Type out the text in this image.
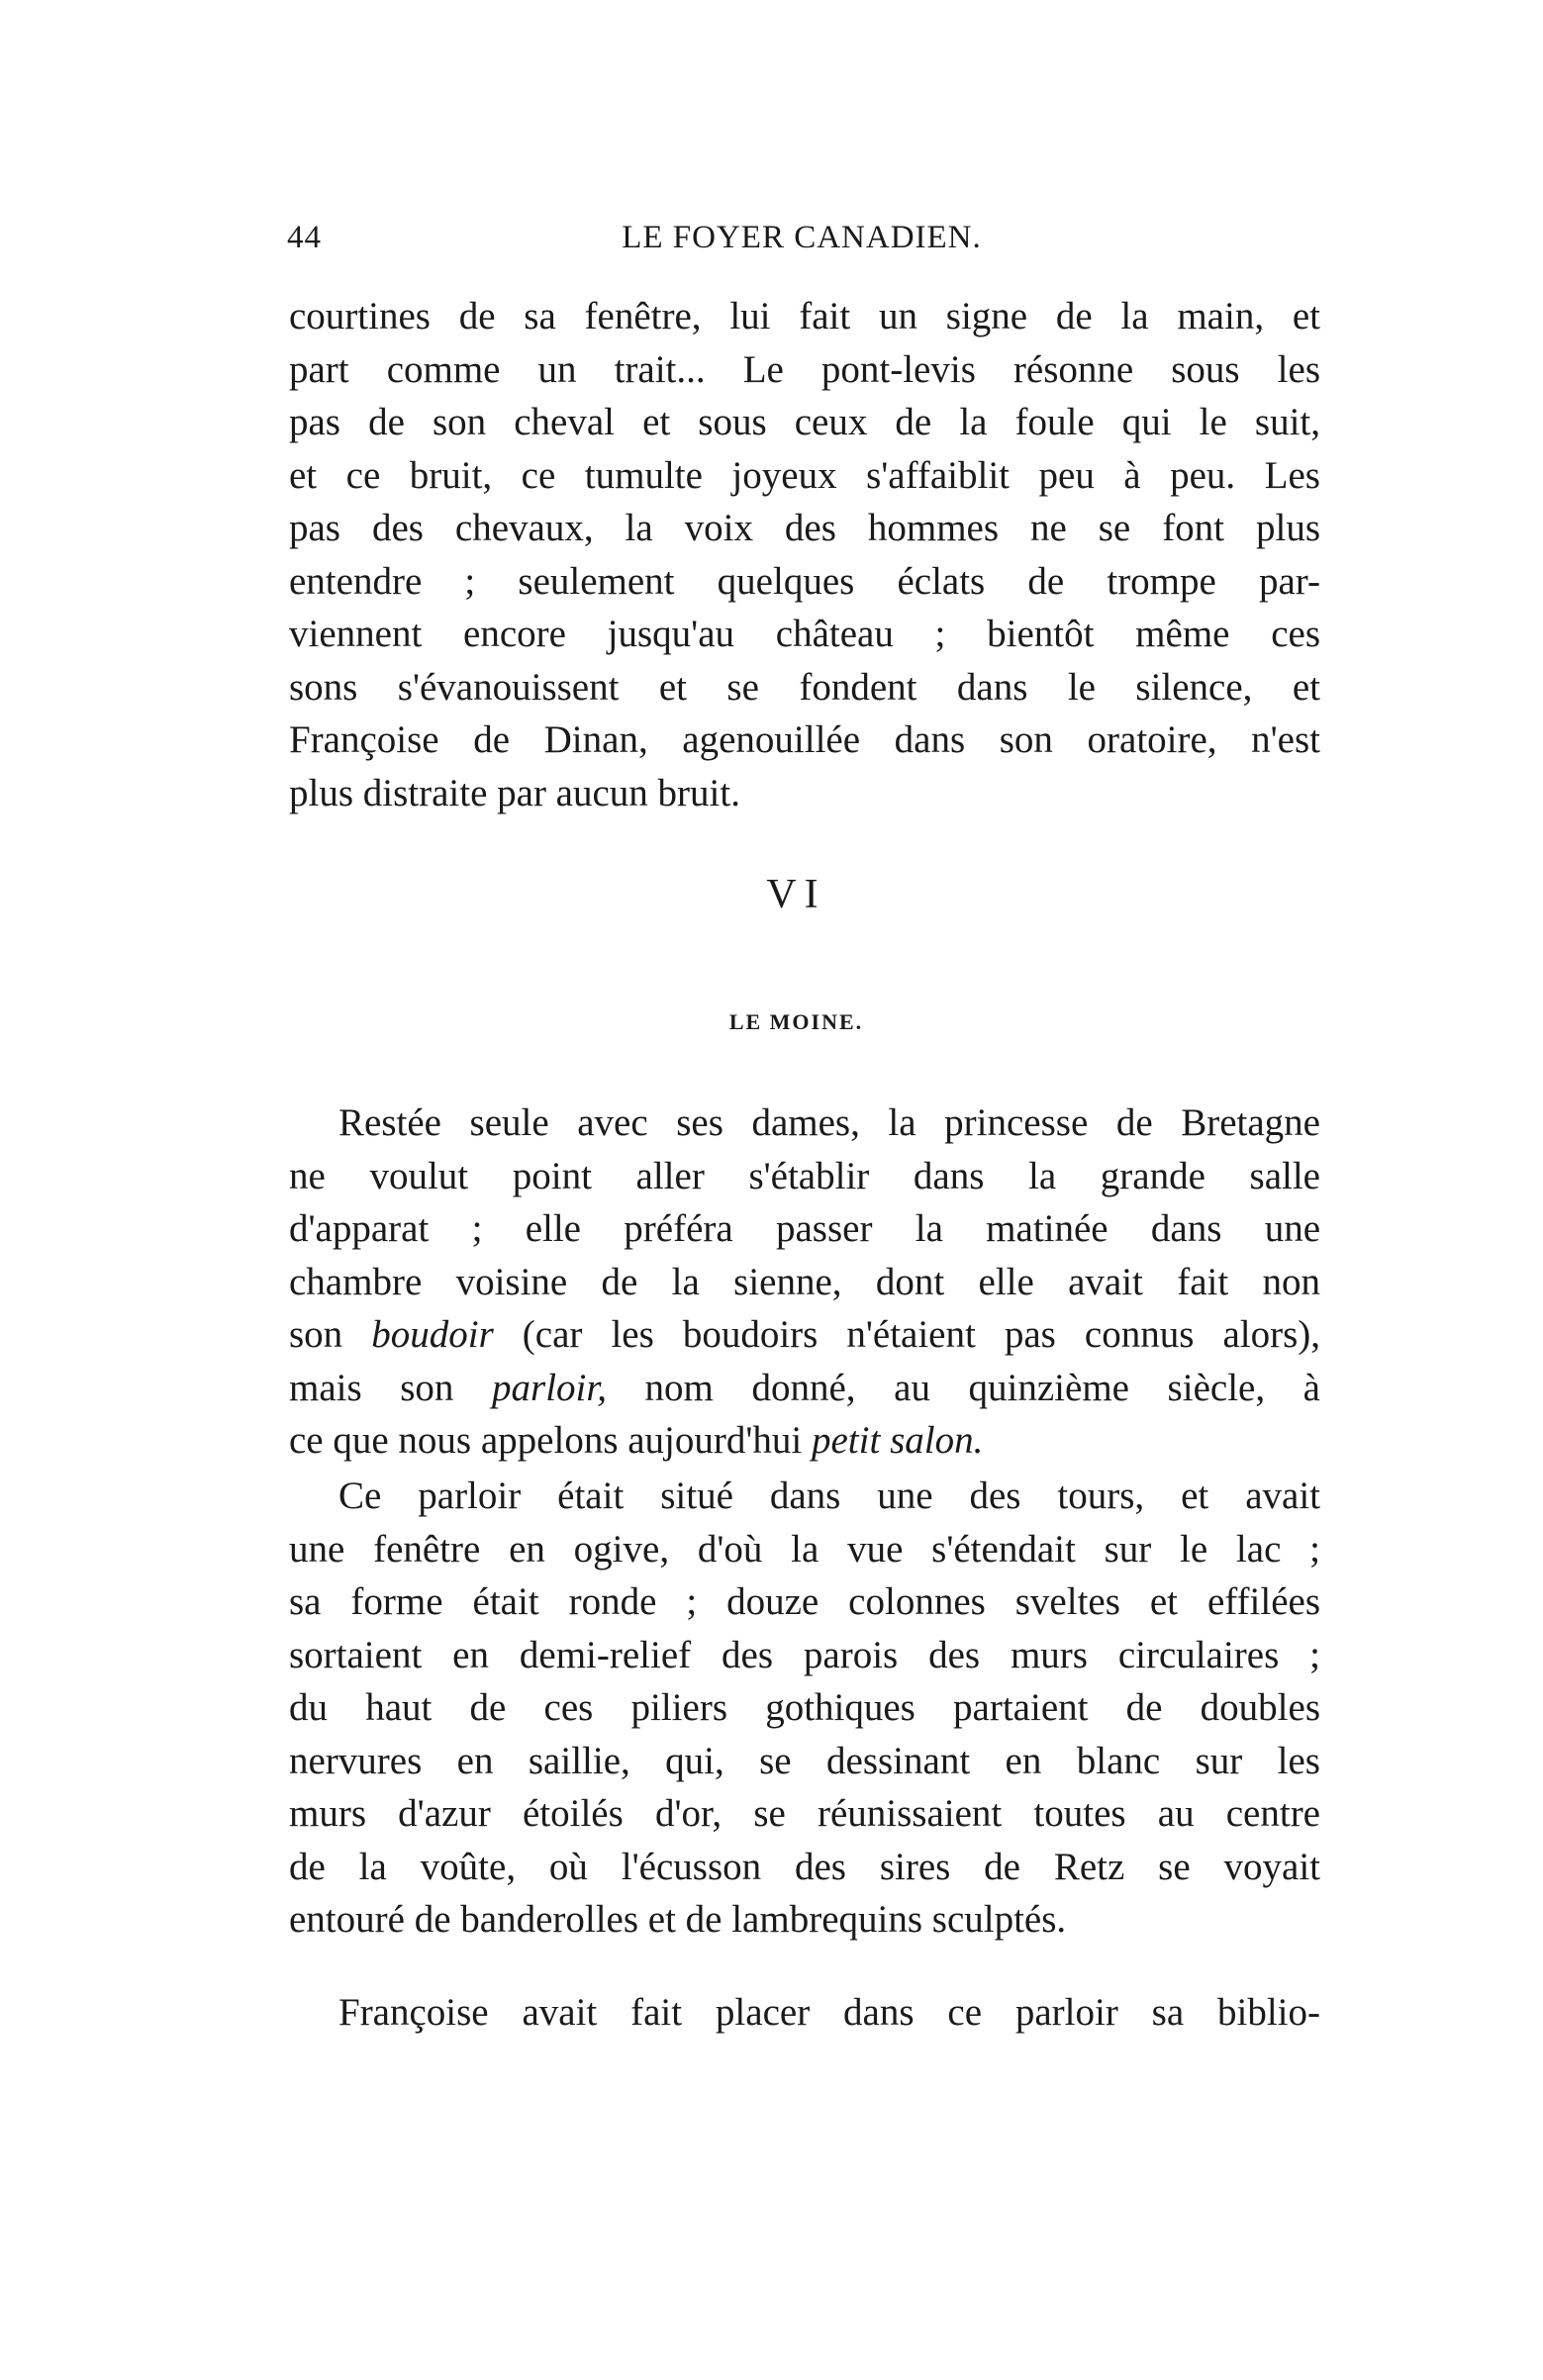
44	LE FOYER CANADIEN.
courtines de sa fenêtre, lui fait un signe de la main, et
part comme un trait... Le pont-levis résonne sous les
pas de son cheval et sous ceux de la foule qui le suit,
et ce bruit, ce tumulte joyeux s'affaiblit peu à peu. Les
pas des chevaux, la voix des hommes ne se font plus
entendre ; seulement quelques éclats de trompe par-
viennent encore jusqu'au château ; bientôt même ces
sons s'évanouissent et se fondent dans le silence, et
Françoise de Dinan, agenouillée dans son oratoire, n'est
plus distraite par aucun bruit.
VI
LE MOINE.
Restée seule avec ses dames, la princesse de Bretagne
ne voulut point aller s'établir dans la grande salle
d'apparat ; elle préféra passer la matinée dans une
chambre voisine de la sienne, dont elle avait fait non
son boudoir (car les boudoirs n'étaient pas connus alors),
mais son parloir, nom donné, au quinzième siècle, à
ce que nous appelons aujourd'hui petit salon.
Ce parloir était situé dans une des tours, et avait
une fenêtre en ogive, d'où la vue s'étendait sur le lac ;
sa forme était ronde ; douze colonnes sveltes et effilées
sortaient en demi-relief des parois des murs circulaires ;
du haut de ces piliers gothiques partaient de doubles
nervures en saillie, qui, se dessinant en blanc sur les
murs d'azur étoilés d'or, se réunissaient toutes au centre
de la voûte, où l'écusson des sires de Retz se voyait
entouré de banderolles et de lambrequins sculptés.
Françoise avait fait placer dans ce parloir sa biblio-
